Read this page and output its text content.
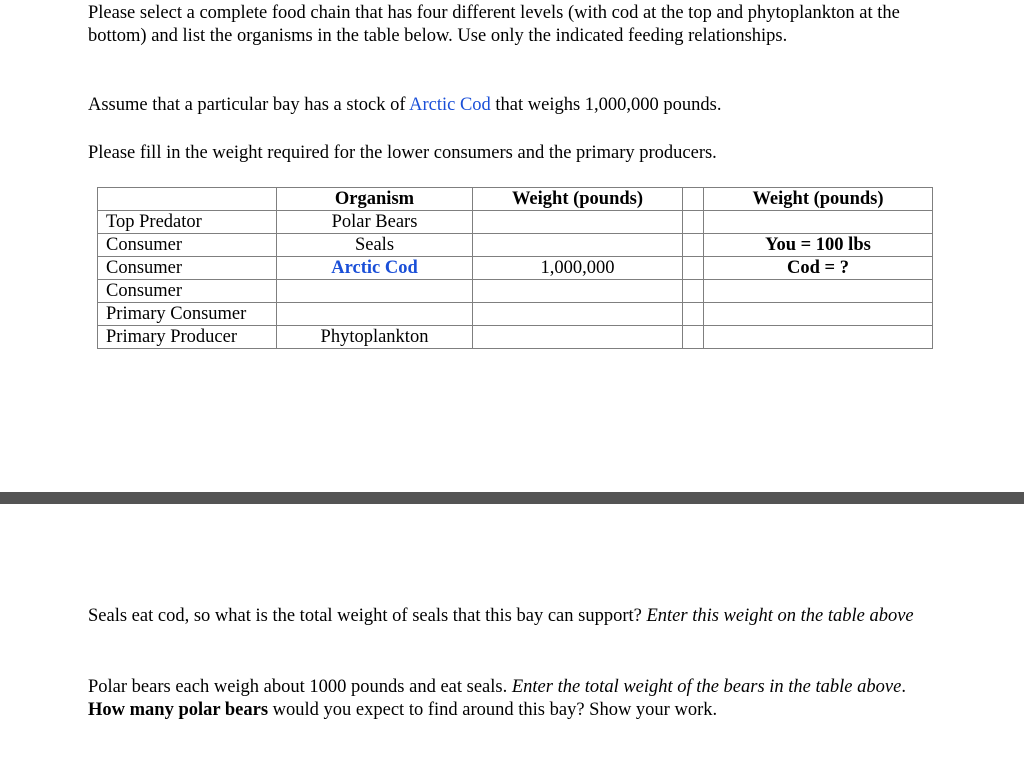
Please select a complete food chain that has four different levels (with cod at the top and phytoplankton at the bottom) and list the organisms in the table below. Use only the indicated feeding relationships.

Assume that a particular bay has a stock of Arctic Cod that weighs 1,000,000 pounds.

Please fill in the weight required for the lower consumers and the primary producers.

	Organism	Weight (pounds)		Weight (pounds)
Top Predator	Polar Bears			
Consumer	Seals			You = 100 lbs
Consumer	Arctic Cod	1,000,000		Cod = ?
Consumer				
Primary Consumer				
Primary Producer	Phytoplankton			

Seals eat cod, so what is the total weight of seals that this bay can support? Enter this weight on the table above

Polar bears each weigh about 1000 pounds and eat seals. Enter the total weight of the bears in the table above. How many polar bears would you expect to find around this bay? Show your work.
